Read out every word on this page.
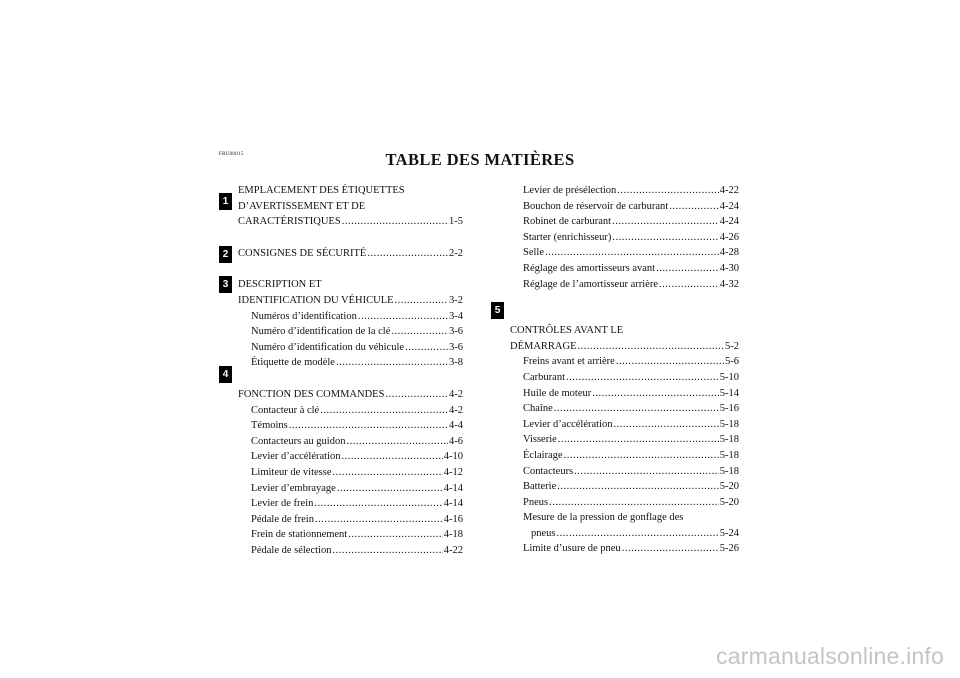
FBU00015	TABLE DES MATIÈRES
1
2
3
4
5
EMPLACEMENT DES ÉTIQUETTES
D’AVERTISSEMENT ET DE
CARACTÉRISTIQUES .....	1-5
CONSIGNES DE SÉCURITÉ .....	2-2
DESCRIPTION ET
IDENTIFICATION DU VÉHICULE .....	3-2
Numéros d’identification .....	3-4
Numéro d’identification de la clé .....	3-6
Numéro d’identification du véhicule .....	3-6
Étiquette de modèle .....	3-8
FONCTION DES COMMANDES .....	4-2
Contacteur à clé .....	4-2
Témoins .....	4-4
Contacteurs au guidon .....	4-6
Levier d’accélération .....	4-10
Limiteur de vitesse .....	4-12
Levier d’embrayage .....	4-14
Levier de frein .....	4-14
Pédale de frein .....	4-16
Frein de stationnement .....	4-18
Pédale de sélection .....	4-22
Levier de présélection .....	4-22
Bouchon de réservoir de carburant .....	4-24
Robinet de carburant .....	4-24
Starter (enrichisseur) .....	4-26
Selle .....	4-28
Réglage des amortisseurs avant .....	4-30
Réglage de l’amortisseur arrière .....	4-32
CONTRÔLES AVANT LE
DÉMARRAGE .....	5-2
Freins avant et arrière .....	5-6
Carburant .....	5-10
Huile de moteur .....	5-14
Chaîne .....	5-16
Levier d’accélération .....	5-18
Visserie .....	5-18
Éclairage .....	5-18
Contacteurs .....	5-18
Batterie .....	5-20
Pneus .....	5-20
Mesure de la pression de gonflage des
pneus .....	5-24
Limite d’usure de pneu .....	5-26
carmanualsonline.info
